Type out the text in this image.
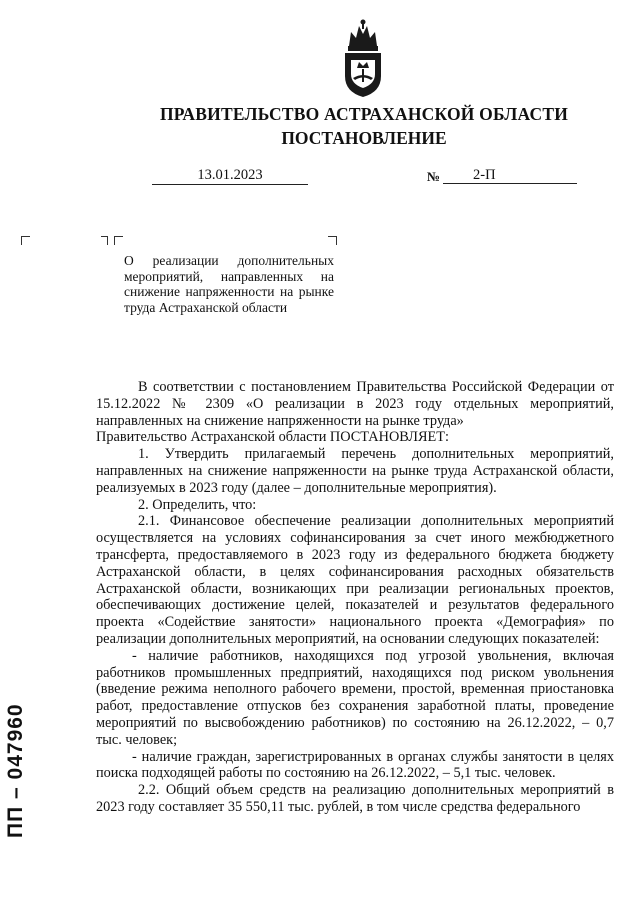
ПРАВИТЕЛЬСТВО АСТРАХАНСКОЙ ОБЛАСТИ
ПОСТАНОВЛЕНИЕ
13.01.2023	№	2-П
О реализации дополнительных мероприятий, направленных на снижение напряженности на рынке труда Астраханской области

В соответствии с постановлением Правительства Российской Федерации от 15.12.2022 № 2309 «О реализации в 2023 году отдельных мероприятий, направленных на снижение напряженности на рынке труда»

Правительство Астраханской области ПОСТАНОВЛЯЕТ:

1. Утвердить прилагаемый перечень дополнительных мероприятий, направленных на снижение напряженности на рынке труда Астраханской области, реализуемых в 2023 году (далее – дополнительные мероприятия).

2. Определить, что:

2.1. Финансовое обеспечение реализации дополнительных мероприятий осуществляется на условиях софинансирования за счет иного межбюджетного трансферта, предоставляемого в 2023 году из федерального бюджета бюджету Астраханской области, в целях софинансирования расходных обязательств Астраханской области, возникающих при реализации региональных проектов, обеспечивающих достижение целей, показателей и результатов федерального проекта «Содействие занятости» национального проекта «Демография» по реализации дополнительных мероприятий, на основании следующих показателей:

- наличие работников, находящихся под угрозой увольнения, включая работников промышленных предприятий, находящихся под риском увольнения (введение режима неполного рабочего времени, простой, временная приостановка работ, предоставление отпусков без сохранения заработной платы, проведение мероприятий по высвобождению работников) по состоянию на 26.12.2022, – 0,7 тыс. человек;

- наличие граждан, зарегистрированных в органах службы занятости в целях поиска подходящей работы по состоянию на 26.12.2022, – 5,1 тыс. человек.

2.2. Общий объем средств на реализацию дополнительных мероприятий в 2023 году составляет 35 550,11 тыс. рублей, в том числе средства федерального

ПП – 047960
